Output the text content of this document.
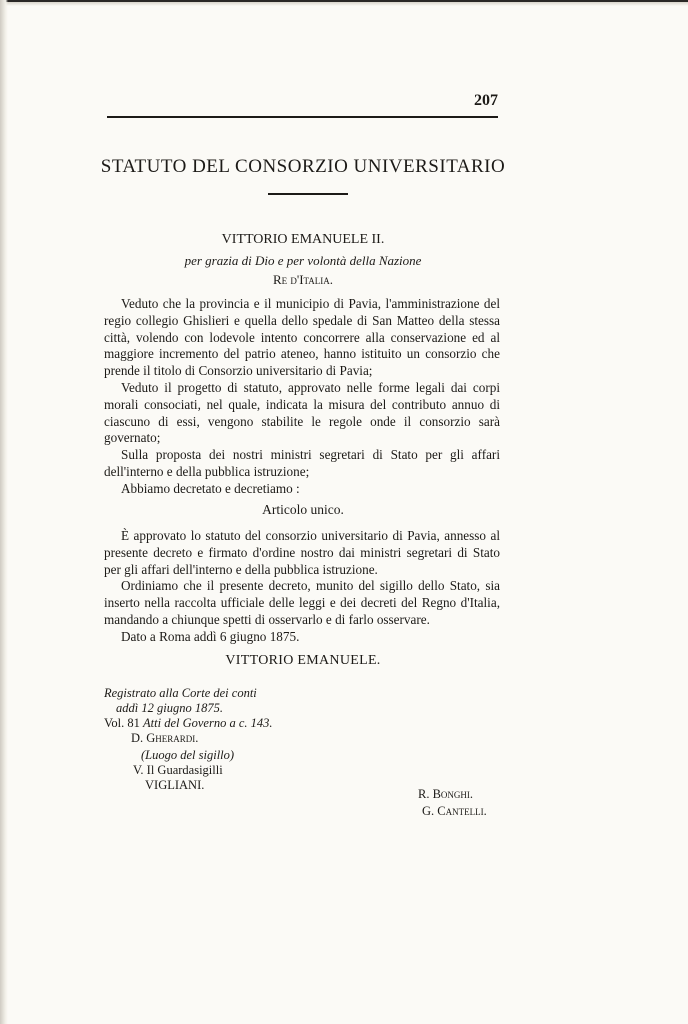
207
STATUTO DEL CONSORZIO UNIVERSITARIO
VITTORIO EMANUELE II.
per grazia di Dio e per volontà della Nazione
Re d'Italia.

Veduto che la provincia e il municipio di Pavia, l'amministrazione del regio collegio Ghislieri e quella dello spedale di San Matteo della stessa città, volendo con lodevole intento concorrere alla conservazione ed al maggiore incremento del patrio ateneo, hanno istituito un consorzio che prende il titolo di Consorzio universitario di Pavia;

Veduto il progetto di statuto, approvato nelle forme legali dai corpi morali consociati, nel quale, indicata la misura del contributo annuo di ciascuno di essi, vengono stabilite le regole onde il consorzio sarà governato;

Sulla proposta dei nostri ministri segretari di Stato per gli affari dell'interno e della pubblica istruzione;

Abbiamo decretato e decretiamo :

Articolo unico.

È approvato lo statuto del consorzio universitario di Pavia, annesso al presente decreto e firmato d'ordine nostro dai ministri segretari di Stato per gli affari dell'interno e della pubblica istruzione.

Ordiniamo che il presente decreto, munito del sigillo dello Stato, sia inserto nella raccolta ufficiale delle leggi e dei decreti del Regno d'Italia, mandando a chiunque spetti di osservarlo e di farlo osservare.

Dato a Roma addì 6 giugno 1875.

VITTORIO EMANUELE.
Registrato alla Corte dei conti
addì 12 giugno 1875.
Vol. 81 Atti del Governo a c. 143.
D. Gherardi.
(Luogo del sigillo)
V. Il Guardasigilli
VIGLIANI.
R. Bonghi.
G. Cantelli.
